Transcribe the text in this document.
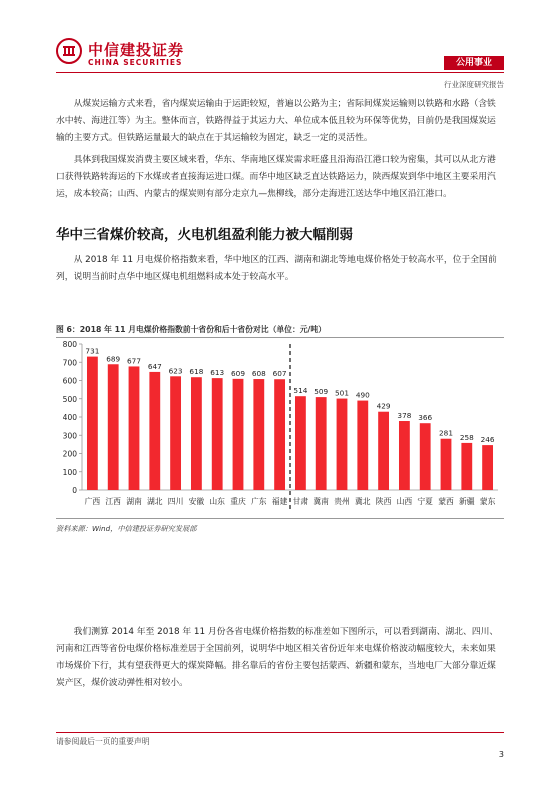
中信建投证券
CHINA SECURITIES	公用事业
行业深度研究报告

从煤炭运输方式来看，省内煤炭运输由于运距较短，普遍以公路为主；省际间煤炭运输则以铁路和水路（含铁水中转、海进江等）为主。整体而言，铁路得益于其运力大、单位成本低且较为环保等优势，目前仍是我国煤炭运输的主要方式。但铁路运量最大的缺点在于其运输较为固定，缺乏一定的灵活性。

具体到我国煤炭消费主要区域来看，华东、华南地区煤炭需求旺盛且沿海沿江港口较为密集，其可以从北方港口获得铁路转海运的下水煤或者直接海运进口煤。而华中地区缺乏直达铁路运力，陕西煤炭到华中地区主要采用汽运，成本较高；山西、内蒙古的煤炭则有部分走京九—焦柳线，部分走海进江送达华中地区沿江港口。

华中三省煤价较高，火电机组盈利能力被大幅削弱

从 2018 年 11 月电煤价格指数来看，华中地区的江西、湖南和湖北等地电煤价格处于较高水平，位于全国前列，说明当前时点华中地区煤电机组燃料成本处于较高水平。

图 6：2018 年 11 月电煤价格指数前十省份和后十省份对比（单位：元/吨）
0
100
200
300
400
500
600
700
800
731
广西
689
江西
677
湖南
647
湖北
623
四川
618
安徽
613
山东
609
重庆
608
广东
607
福建
514
甘肃
509
冀南
501
贵州
490
冀北
429
陕西
378
山西
366
宁夏
281
蒙西
258
新疆
246
蒙东
资料来源：Wind，中信建投证券研究发展部

我们测算 2014 年至 2018 年 11 月份各省电煤价格指数的标准差如下图所示，可以看到湖南、湖北、四川、河南和江西等省份电煤价格标准差居于全国前列，说明华中地区相关省份近年来电煤价格波动幅度较大，未来如果市场煤价下行，其有望获得更大的煤炭降幅。排名靠后的省份主要包括蒙西、新疆和蒙东，当地电厂大部分靠近煤炭产区，煤价波动弹性相对较小。

请参阅最后一页的重要声明
3
